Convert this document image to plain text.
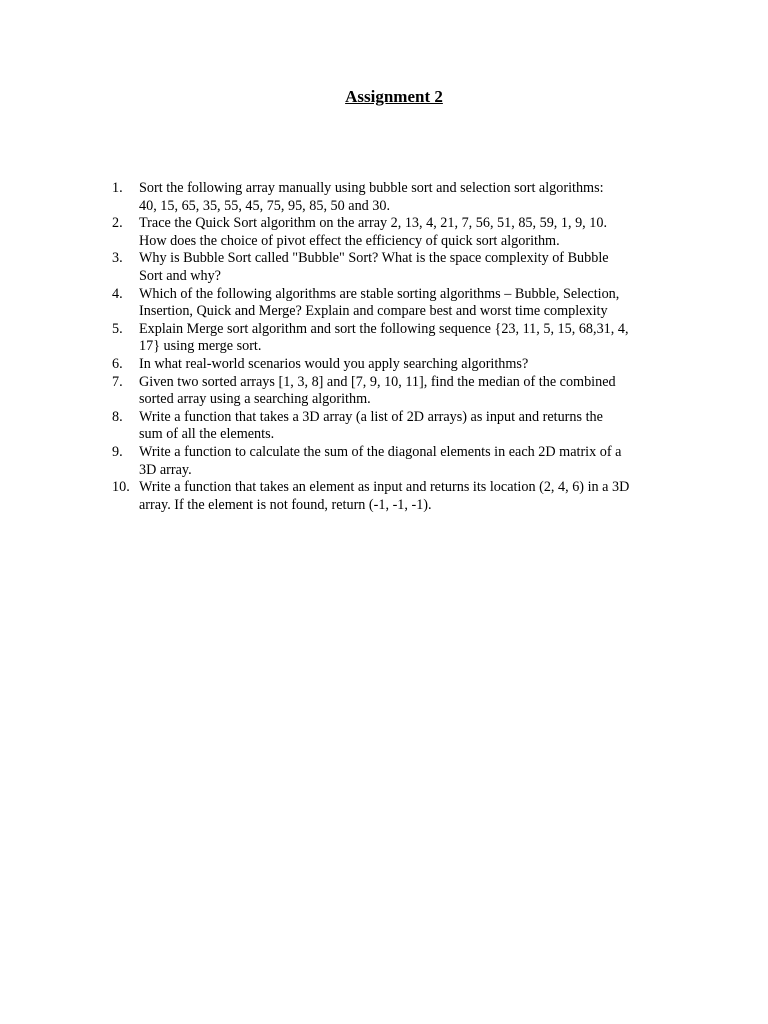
Assignment 2
1.	Sort the following array manually using bubble sort and selection sort algorithms:
40, 15, 65, 35, 55, 45, 75, 95, 85, 50 and 30.
2.	Trace the Quick Sort algorithm on the array 2, 13, 4, 21, 7, 56, 51, 85, 59, 1, 9, 10.
How does the choice of pivot effect the efficiency of quick sort algorithm.
3.	Why is Bubble Sort called "Bubble" Sort? What is the space complexity of Bubble
Sort and why?
4.	Which of the following algorithms are stable sorting algorithms – Bubble, Selection,
Insertion, Quick and Merge? Explain and compare best and worst time complexity
5.	Explain Merge sort algorithm and sort the following sequence {23, 11, 5, 15, 68,31, 4,
17} using merge sort.
6.	In what real-world scenarios would you apply searching algorithms?
7.	Given two sorted arrays [1, 3, 8] and [7, 9, 10, 11], find the median of the combined
sorted array using a searching algorithm.
8.	Write a function that takes a 3D array (a list of 2D arrays) as input and returns the
sum of all the elements.
9.	Write a function to calculate the sum of the diagonal elements in each 2D matrix of a
3D array.
10. Write a function that takes an element as input and returns its location (2, 4, 6) in a 3D
array. If the element is not found, return (-1, -1, -1).
